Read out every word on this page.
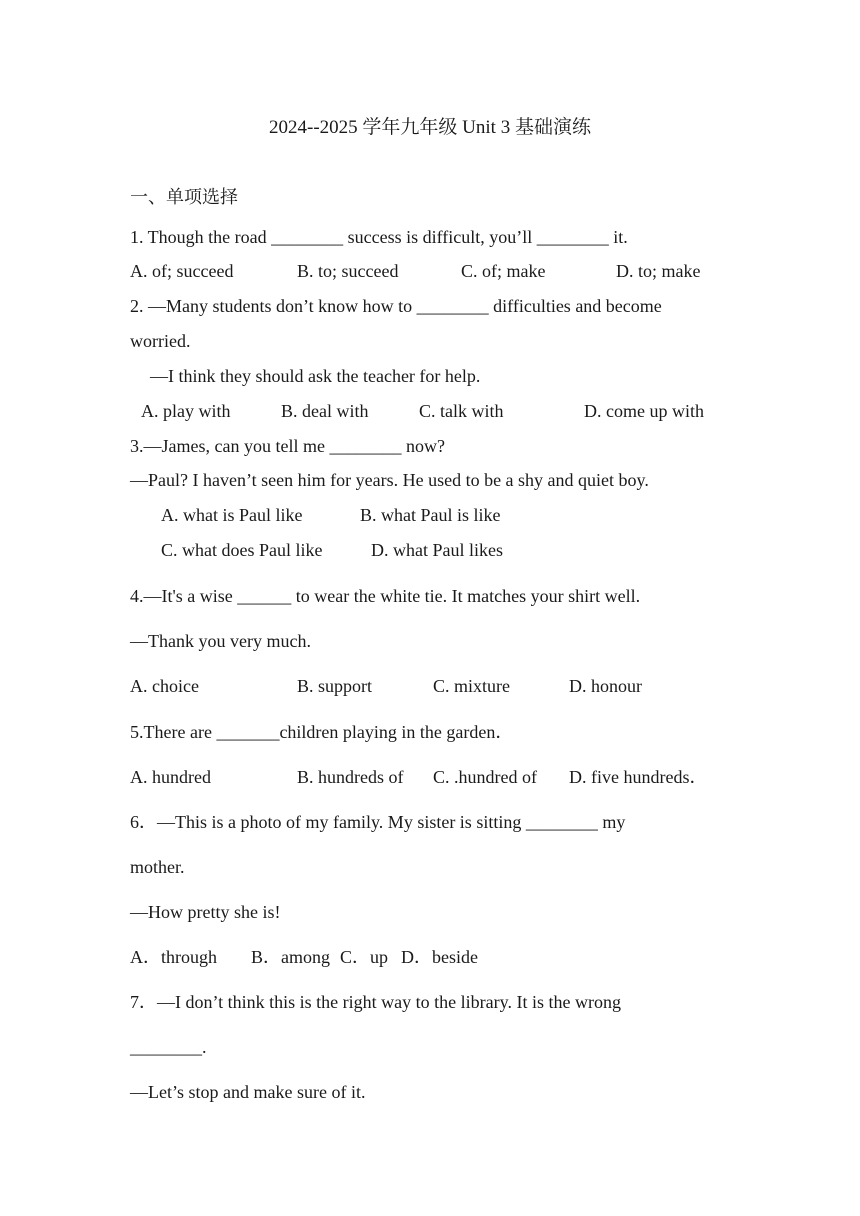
2024--2025 学年九年级 Unit 3 基础演练
一、单项选择
1. Though the road ________ success is difficult, you’ll ________ it.
A. of; succeed	B. to; succeed	C. of; make	D. to; make
2. —Many students don’t know how to ________ difficulties and become
worried.
—I think they should ask the teacher for help.
A. play with	B. deal with	C. talk with	D. come up with
3.—James, can you tell me ________ now?
—Paul? I haven’t seen him for years. He used to be a shy and quiet boy.
A. what is Paul like	B. what Paul is like
C. what does Paul like	D. what Paul likes
4.—It's a wise ______ to wear the white tie. It matches your shirt well.
—Thank you very much.
A. choice	B. support	C. mixture	D. honour
5.There are _______children playing in the garden．
A. hundred	B. hundreds of C. .hundred of D. five hundreds．
6．—This is a photo of my family. My sister is sitting ________ my
mother.
—How pretty she is!
A．through B．among C．up D．beside
7．—I don’t think this is the right way to the library. It is the wrong
________.
—Let’s stop and make sure of it.
